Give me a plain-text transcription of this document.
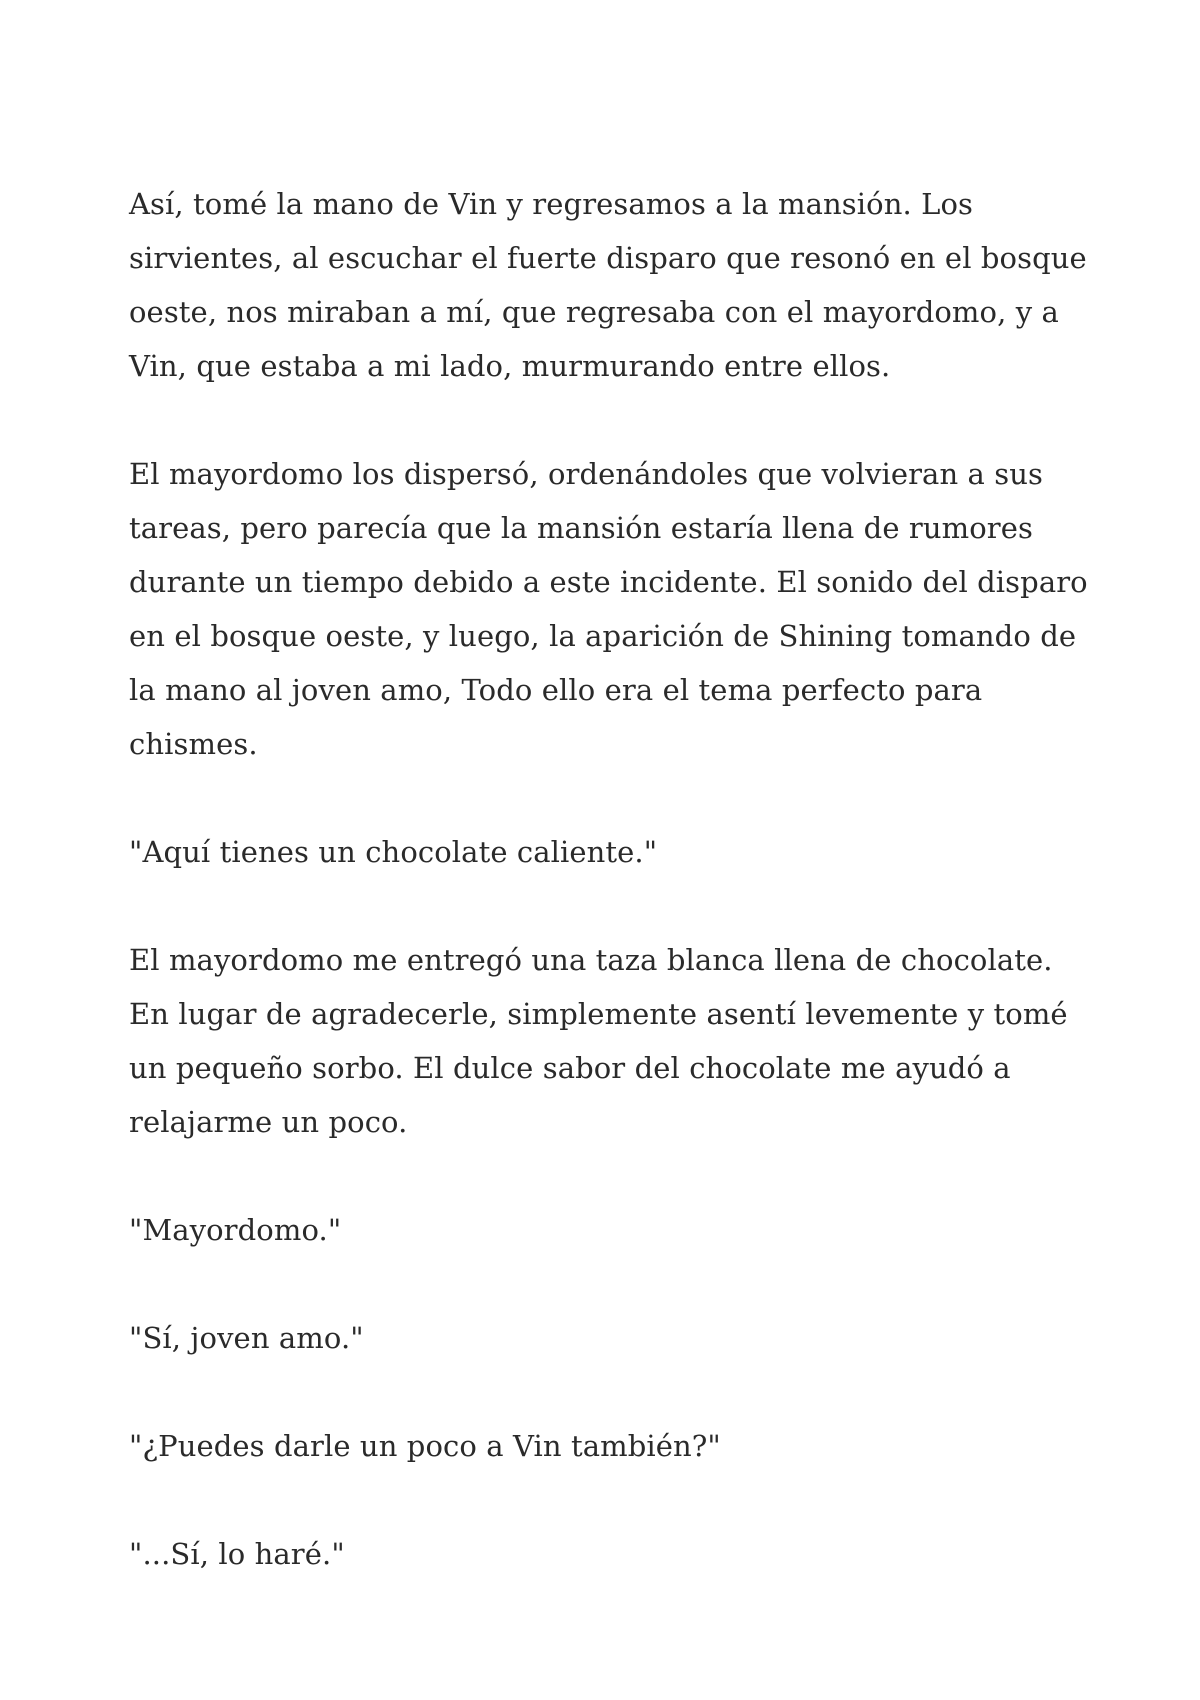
Así, tomé la mano de Vin y regresamos a la mansión. Los sirvientes, al escuchar el fuerte disparo que resonó en el bosque oeste, nos miraban a mí, que regresaba con el mayordomo, y a Vin, que estaba a mi lado, murmurando entre ellos.

El mayordomo los dispersó, ordenándoles que volvieran a sus tareas, pero parecía que la mansión estaría llena de rumores durante un tiempo debido a este incidente. El sonido del disparo en el bosque oeste, y luego, la aparición de Shining tomando de la mano al joven amo, Todo ello era el tema perfecto para chismes.

"Aquí tienes un chocolate caliente."

El mayordomo me entregó una taza blanca llena de chocolate. En lugar de agradecerle, simplemente asentí levemente y tomé un pequeño sorbo. El dulce sabor del chocolate me ayudó a relajarme un poco.

"Mayordomo."

"Sí, joven amo."

"¿Puedes darle un poco a Vin también?"

"...Sí, lo haré."
